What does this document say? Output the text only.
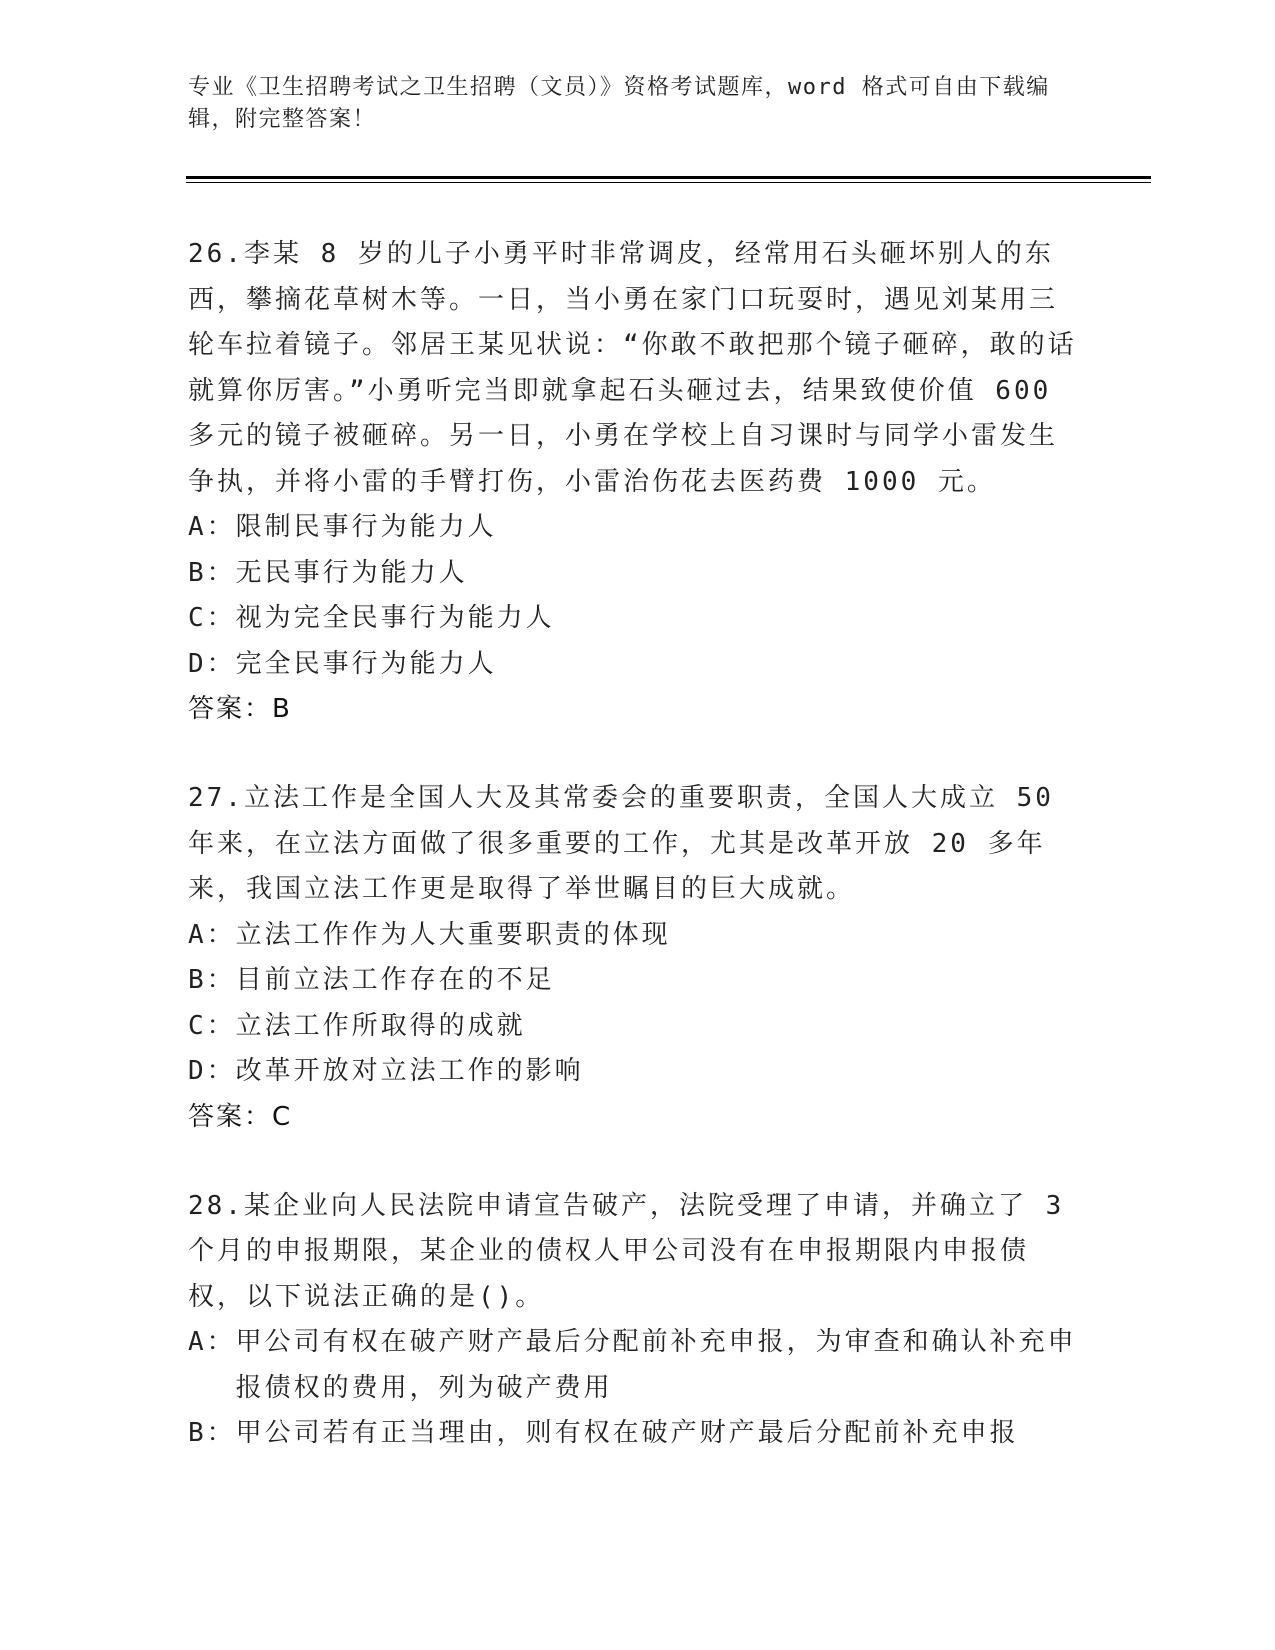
专业《卫生招聘考试之卫生招聘（文员）》资格考试题库，word 格式可自由下载编辑，附完整答案！

26.李某 8 岁的儿子小勇平时非常调皮，经常用石头砸坏别人的东西，攀摘花草树木等。一日，当小勇在家门口玩耍时，遇见刘某用三轮车拉着镜子。邻居王某见状说：“你敢不敢把那个镜子砸碎，敢的话就算你厉害。”小勇听完当即就拿起石头砸过去，结果致使价值 600 多元的镜子被砸碎。另一日，小勇在学校上自习课时与同学小雷发生争执，并将小雷的手臂打伤，小雷治伤花去医药费 1000 元。

A： 限制民事行为能力人
B： 无民事行为能力人
C： 视为完全民事行为能力人
D： 完全民事行为能力人
答案：B

27.立法工作是全国人大及其常委会的重要职责，全国人大成立 50 年来，在立法方面做了很多重要的工作，尤其是改革开放 20 多年来，我国立法工作更是取得了举世瞩目的巨大成就。

A： 立法工作作为人大重要职责的体现
B： 目前立法工作存在的不足
C： 立法工作所取得的成就
D： 改革开放对立法工作的影响
答案：C

28.某企业向人民法院申请宣告破产，法院受理了申请，并确立了 3 个月的申报期限，某企业的债权人甲公司没有在申报期限内申报债权，以下说法正确的是()。

A： 甲公司有权在破产财产最后分配前补充申报，为审查和确认补充申报债权的费用，列为破产费用
B： 甲公司若有正当理由，则有权在破产财产最后分配前补充申报
